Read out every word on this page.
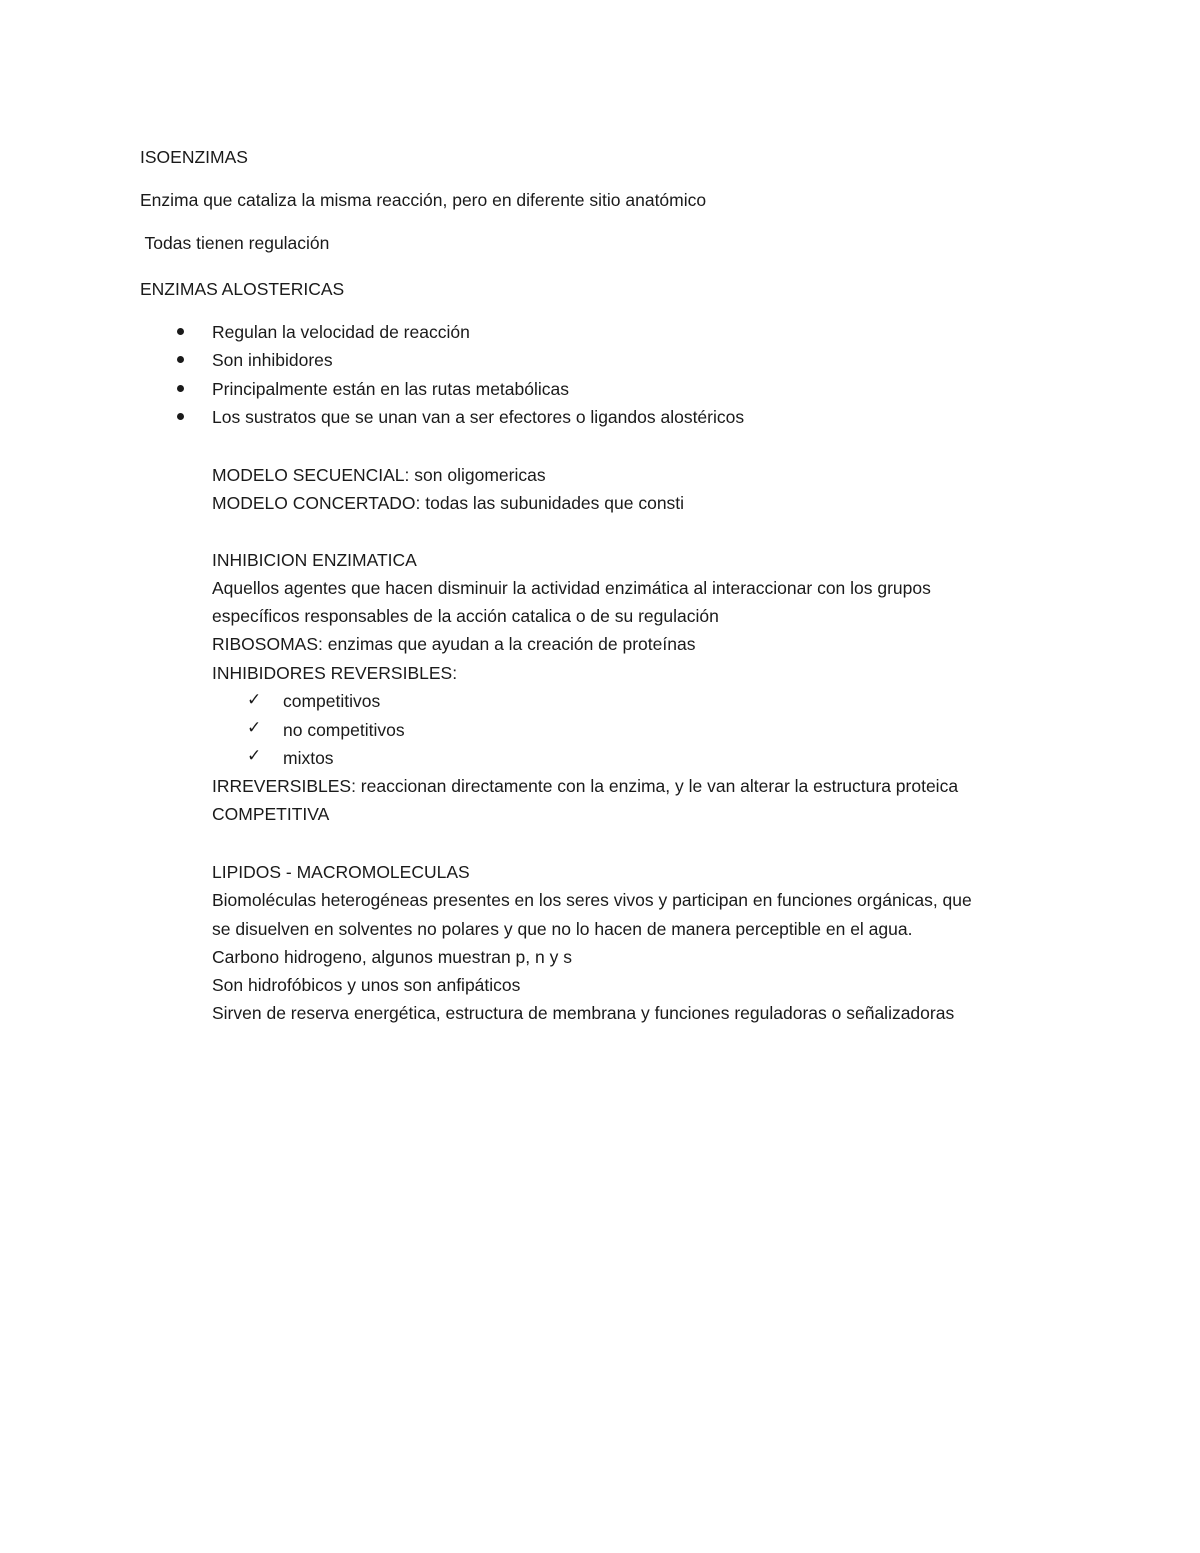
ISOENZIMAS
Enzima que cataliza la misma reacción, pero en diferente sitio anatómico
Todas tienen regulación
ENZIMAS ALOSTERICAS
Regulan la velocidad de reacción
Son inhibidores
Principalmente están en las rutas metabólicas
Los sustratos que se unan van a ser efectores o ligandos alostéricos
MODELO SECUENCIAL: son oligomericas
MODELO CONCERTADO: todas las subunidades que consti
INHIBICION ENZIMATICA
Aquellos agentes que hacen disminuir la actividad enzimática al interaccionar con los grupos
específicos responsables de la acción catalica o de su regulación
RIBOSOMAS: enzimas que ayudan a la creación de proteínas
INHIBIDORES REVERSIBLES:
✓ competitivos
✓ no competitivos
✓ mixtos
IRREVERSIBLES: reaccionan directamente con la enzima, y le van alterar la estructura proteica
COMPETITIVA
LIPIDOS - MACROMOLECULAS
Biomoléculas heterogéneas presentes en los seres vivos y participan en funciones orgánicas, que
se disuelven en solventes no polares y que no lo hacen de manera perceptible en el agua.
Carbono hidrogeno, algunos muestran p, n y s
Son hidrofóbicos y unos son anfipáticos
Sirven de reserva energética, estructura de membrana y funciones reguladoras o señalizadoras
